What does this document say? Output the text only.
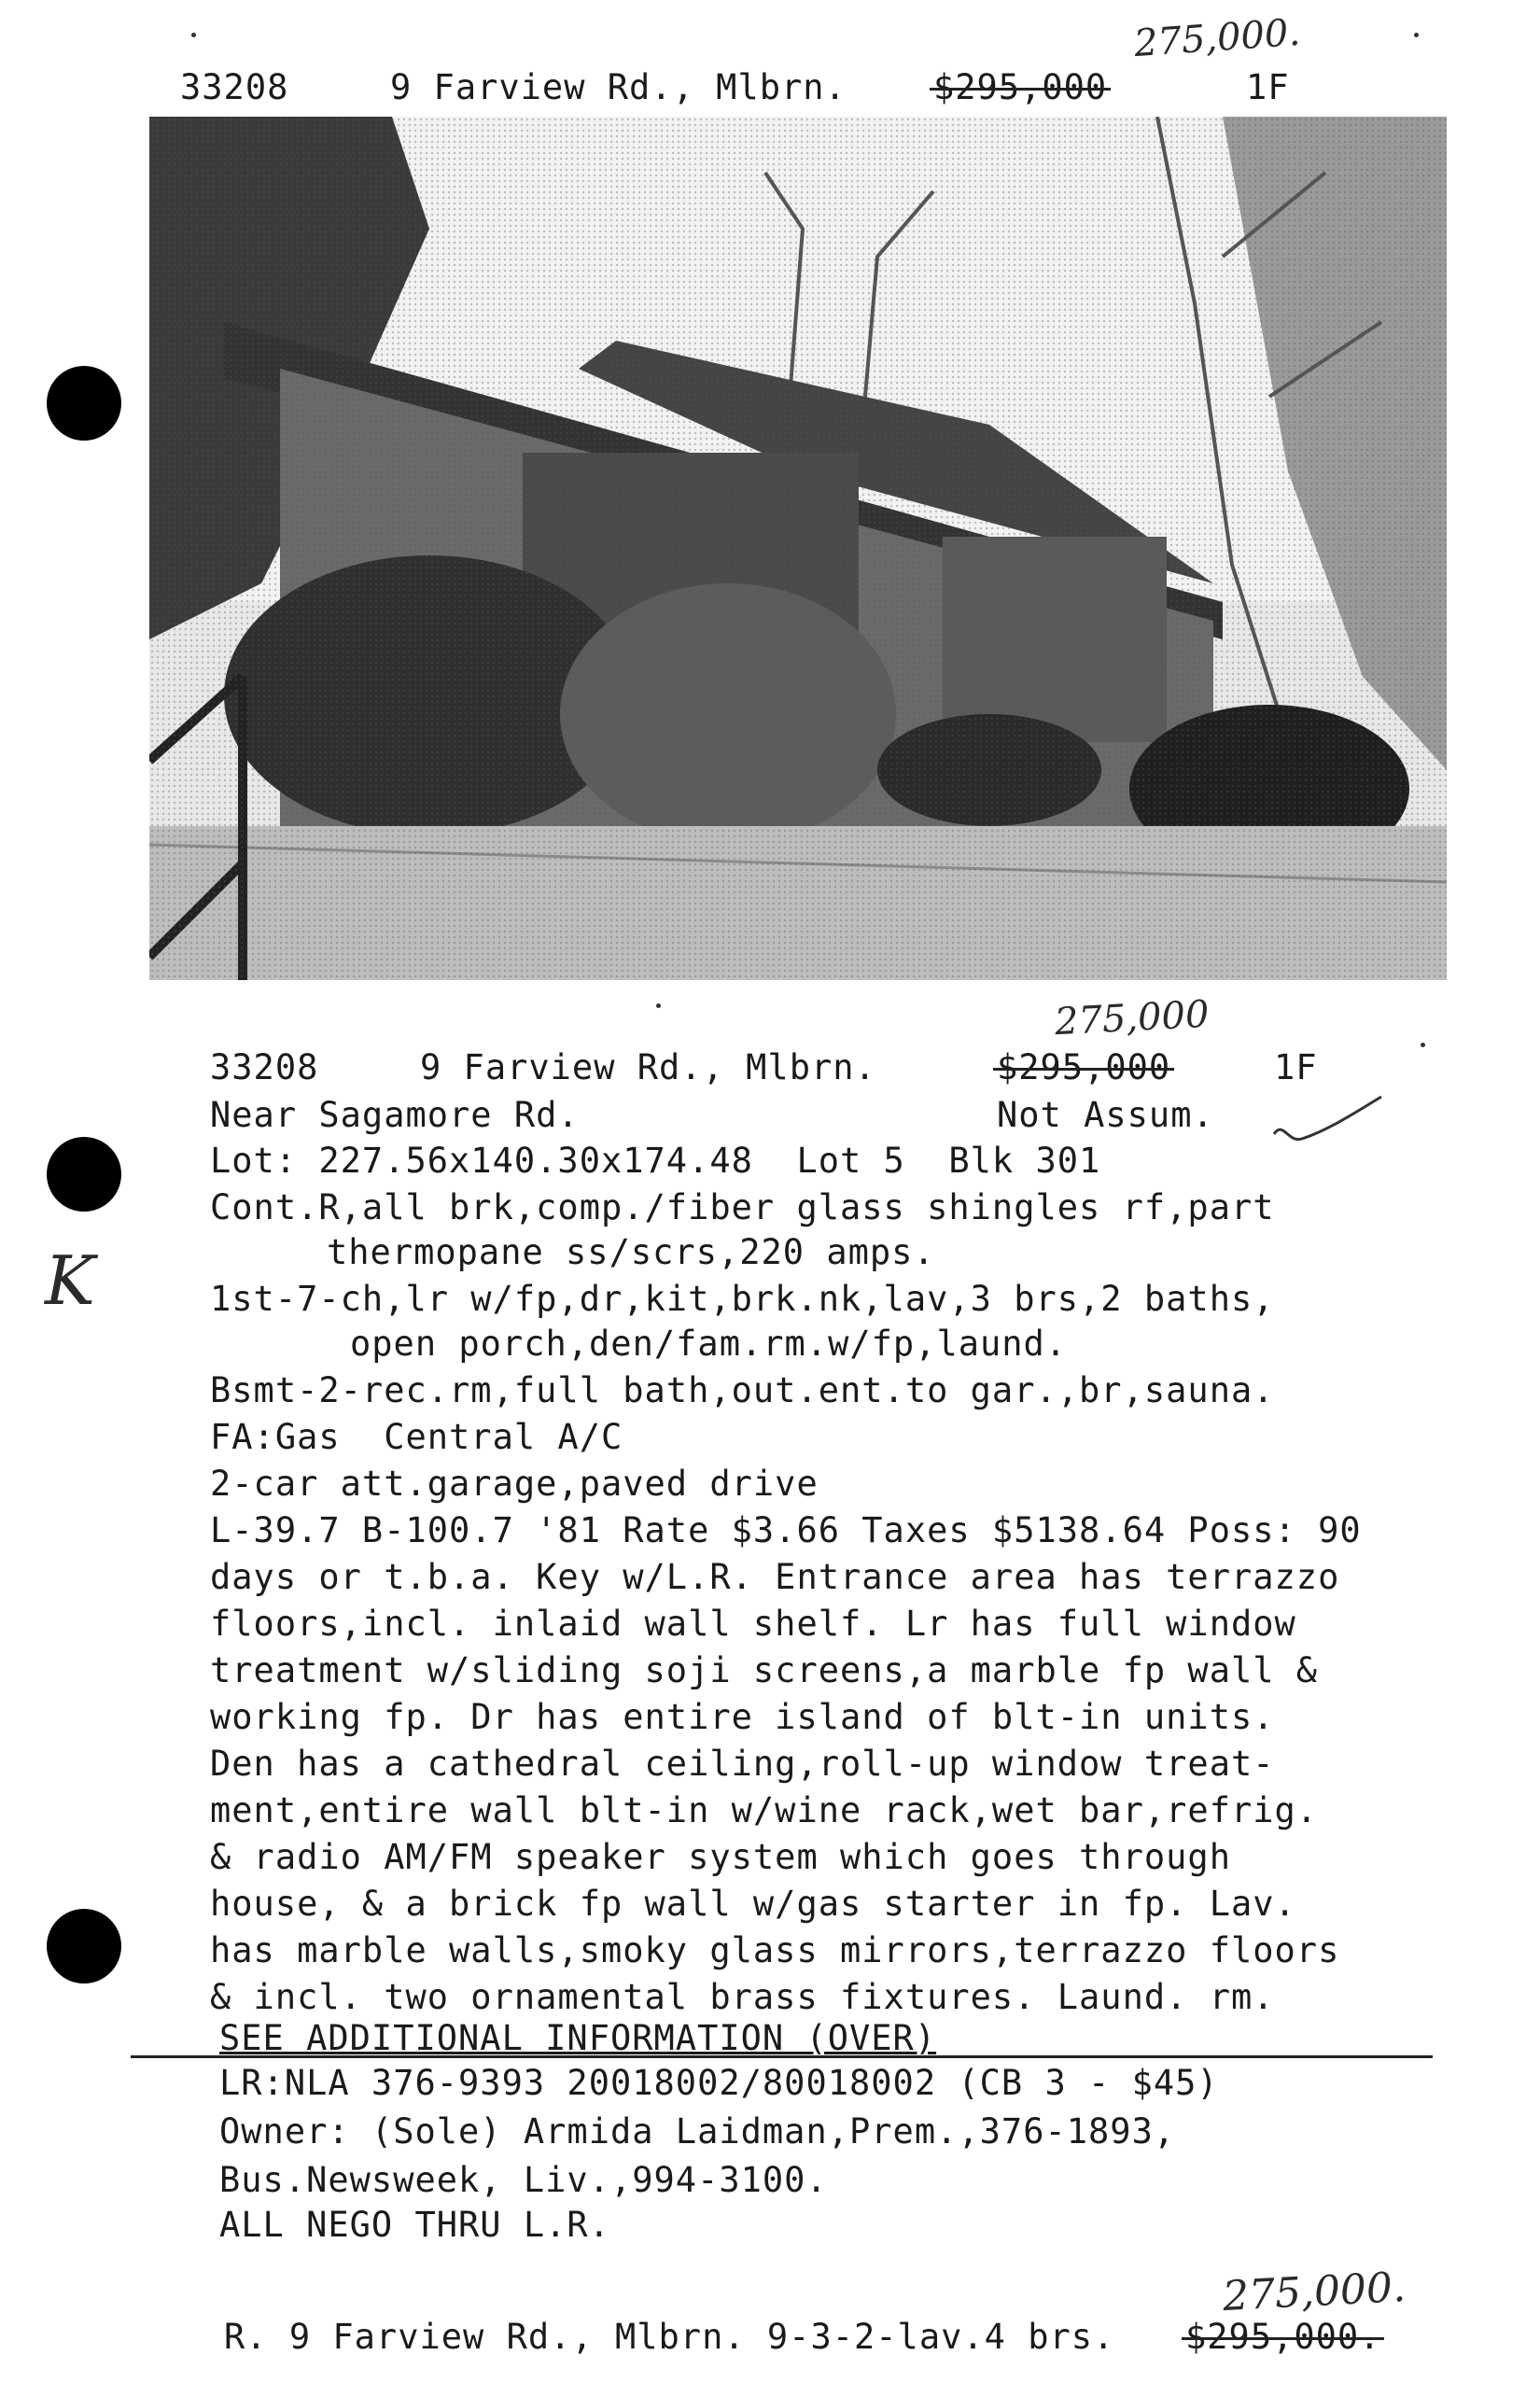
33208	9 Farview Rd., Mlbrn.	$295,000
275,000.
1F
33208	9 Farview Rd., Mlbrn.	$295,000
275,000
1F
Near Sagamore Rd.	Not Assum.
Lot: 227.56x140.30x174.48  Lot 5  Blk 301
K
Cont.R,all brk,comp./fiber glass shingles rf,part
thermopane ss/scrs,220 amps.
1st-7-ch,lr w/fp,dr,kit,brk.nk,lav,3 brs,2 baths,
open porch,den/fam.rm.w/fp,laund.
Bsmt-2-rec.rm,full bath,out.ent.to gar.,br,sauna.
FA:Gas  Central A/C
2-car att.garage,paved drive
L-39.7 B-100.7 '81 Rate $3.66 Taxes $5138.64 Poss: 90
days or t.b.a. Key w/L.R. Entrance area has terrazzo
floors,incl. inlaid wall shelf. Lr has full window
treatment w/sliding soji screens,a marble fp wall &
working fp. Dr has entire island of blt-in units.
Den has a cathedral ceiling,roll-up window treat-
ment,entire wall blt-in w/wine rack,wet bar,refrig.
& radio AM/FM speaker system which goes through
house, & a brick fp wall w/gas starter in fp. Lav.
has marble walls,smoky glass mirrors,terrazzo floors
& incl. two ornamental brass fixtures. Laund. rm.
SEE ADDITIONAL INFORMATION (OVER)
LR:NLA 376-9393 20018002/80018002 (CB 3 - $45)
Owner: (Sole) Armida Laidman,Prem.,376-1893,
Bus.Newsweek, Liv.,994-3100.
ALL NEGO THRU L.R.
R. 9 Farview Rd., Mlbrn. 9-3-2-lav.4 brs. $295,000.
275,000.
